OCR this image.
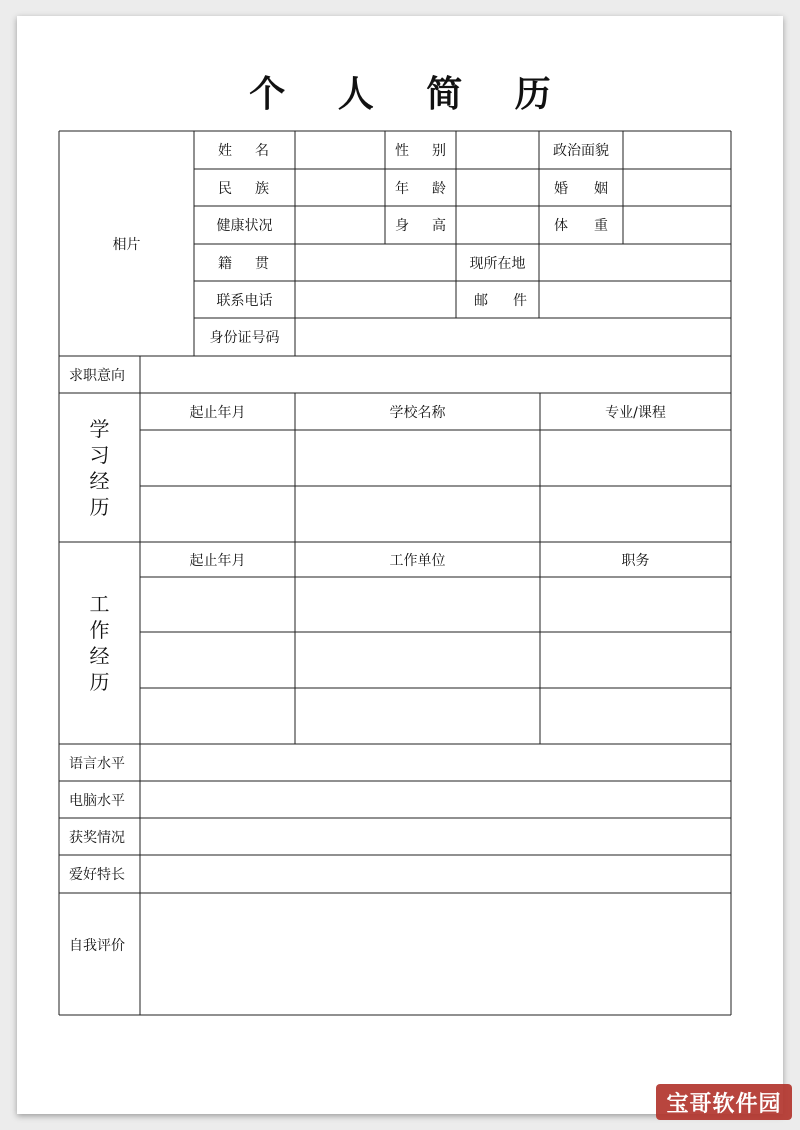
个 人 简 历
相片
姓 名	性 别	政治面貌
民 族	年 龄	婚 姻
健康状况	身 高	体 重
籍 贯	现所在地
联系电话	邮 件
身份证号码
求职意向
学
习
经
历
起止年月	学校名称	专业/课程
工
作
经
历
起止年月	工作单位	职务
语言水平
电脑水平
获奖情况
爱好特长
自我评价
宝哥软件园
